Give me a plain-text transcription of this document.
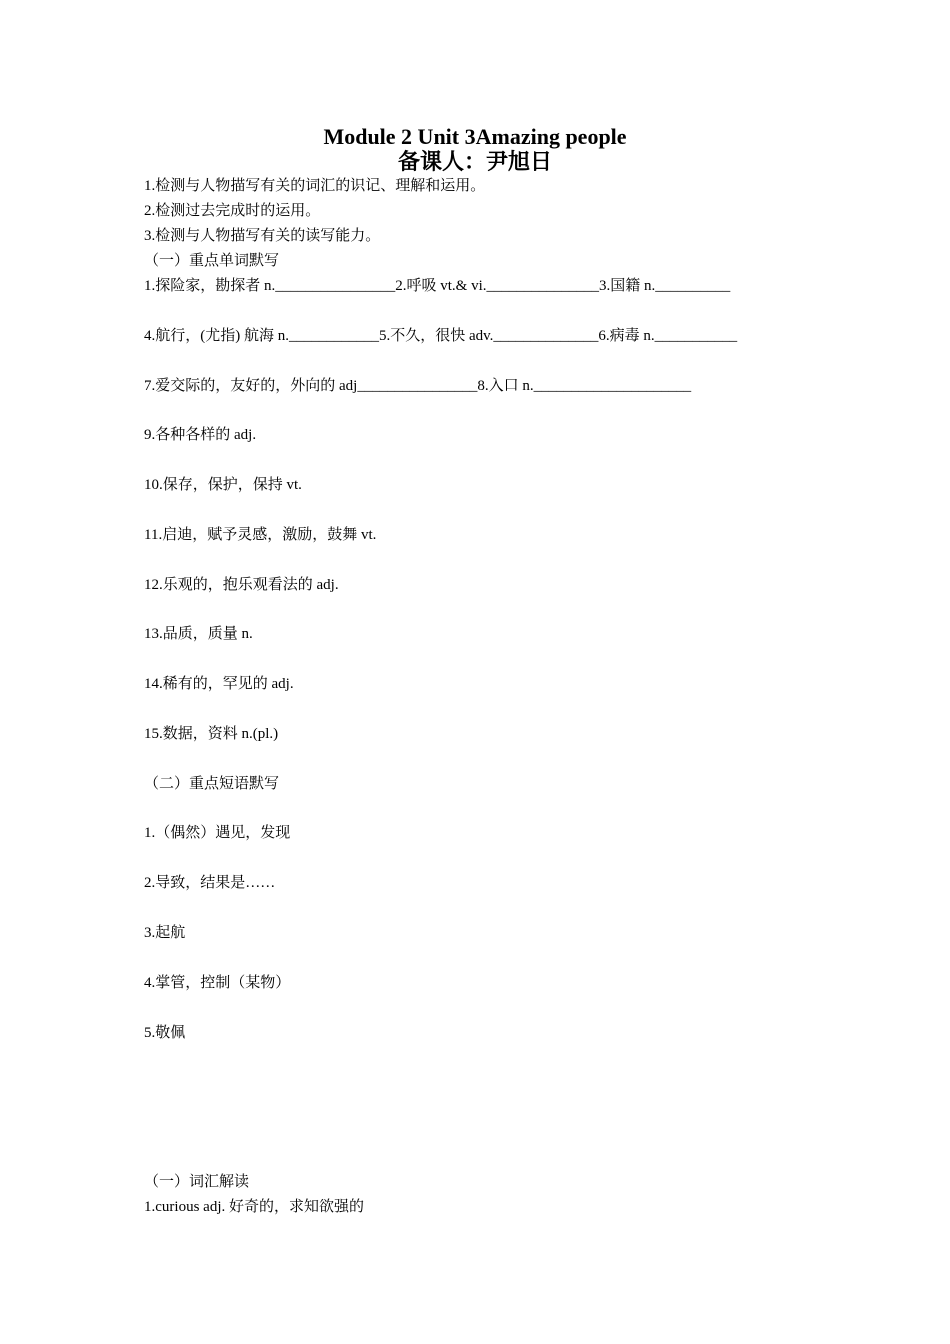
Module 2 Unit 3Amazing people
备课人：尹旭日

1.检测与人物描写有关的词汇的识记、理解和运用。

2.检测过去完成时的运用。

3.检测与人物描写有关的读写能力。

（一）重点单词默写

1.探险家，勘探者 n.________________2.呼吸 vt.& vi._______________3.国籍 n.__________

4.航行，(尤指) 航海 n.____________5.不久，很快 adv.______________6.病毒 n.___________

7.爱交际的，友好的，外向的 adj________________8.入口 n._____________________

9.各种各样的 adj.

10.保存，保护，保持 vt.

11.启迪，赋予灵感，激励，鼓舞 vt.

12.乐观的，抱乐观看法的 adj.

13.品质，质量 n.

14.稀有的，罕见的 adj.

15.数据，资料 n.(pl.)

（二）重点短语默写

1.（偶然）遇见，发现

2.导致，结果是……

3.起航

4.掌管，控制（某物）

5.敬佩

（一）词汇解读

1.curious adj. 好奇的，求知欲强的
